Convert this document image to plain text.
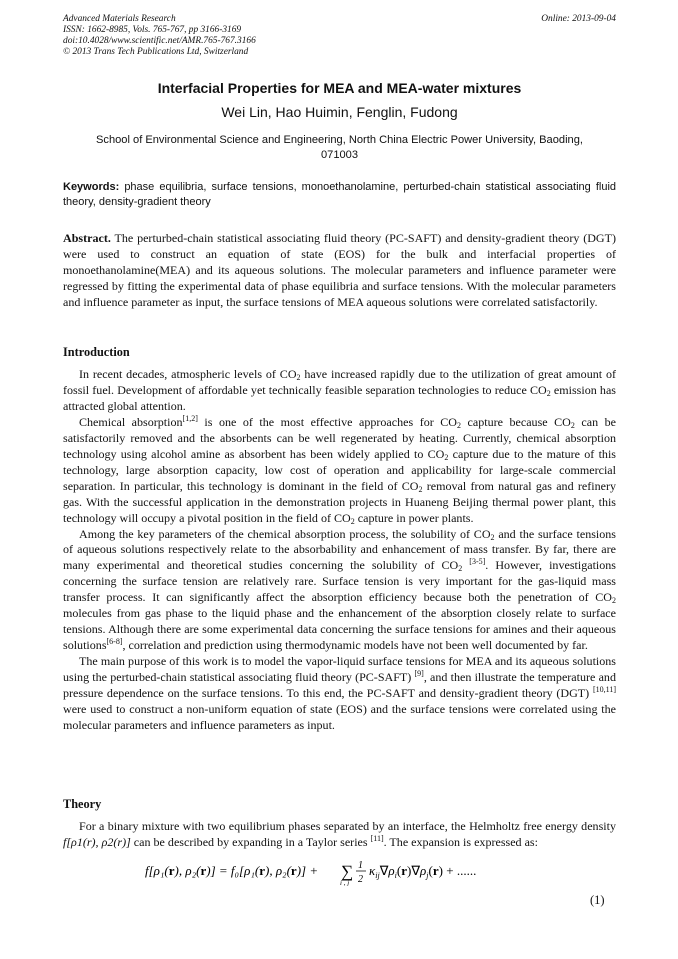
Advanced Materials Research
ISSN: 1662-8985, Vols. 765-767, pp 3166-3169
doi:10.4028/www.scientific.net/AMR.765-767.3166
© 2013 Trans Tech Publications Ltd, Switzerland
Online: 2013-09-04
Interfacial Properties for MEA and MEA-water mixtures
Wei Lin, Hao Huimin, Fenglin, Fudong
School of Environmental Science and Engineering, North China Electric Power University, Baoding,
071003
Keywords: phase equilibria, surface tensions, monoethanolamine, perturbed-chain statistical associating fluid theory, density-gradient theory
Abstract. The perturbed-chain statistical associating fluid theory (PC-SAFT) and density-gradient theory (DGT) were used to construct an equation of state (EOS) for the bulk and interfacial properties of monoethanolamine(MEA) and its aqueous solutions. The molecular parameters and influence parameter were regressed by fitting the experimental data of phase equilibria and surface tensions. With the molecular parameters and influence parameter as input, the surface tensions of MEA aqueous solutions were correlated satisfactorily.
Introduction

In recent decades, atmospheric levels of $CO_2$ have increased rapidly due to the utilization of great amount of fossil fuel. Development of affordable yet technically feasible separation technologies to reduce $CO_2$ emission has attracted global attention.

Chemical absorption[1,2] is one of the most effective approaches for $CO_2$ capture because $CO_2$ can be satisfactorily removed and the absorbents can be well regenerated by heating. Currently, chemical absorption technology using alcohol amine as absorbent has been widely applied to $CO_2$ capture due to the mature of this technology, large absorption capacity, low cost of operation and applicability for large-scale commercial separation. In particular, this technology is dominant in the field of $CO_2$ removal from natural gas and refinery gas. With the successful application in the demonstration projects in Huaneng Beijing thermal power plant, this technology will occupy a pivotal position in the field of $CO_2$ capture in power plants.

Among the key parameters of the chemical absorption process, the solubility of $CO_2$ and the surface tensions of aqueous solutions respectively relate to the absorbability and enhancement of mass transfer. By far, there are many experimental and theoretical studies concerning the solubility of $CO_2$ [3-5]. However, investigations concerning the surface tension are relatively rare. Surface tension is very important for the gas-liquid mass transfer process. It can significantly affect the absorption efficiency because both the penetration of $CO_2$ molecules from gas phase to the liquid phase and the enhancement of the absorption closely relate to surface tensions. Although there are some experimental data concerning the surface tensions for amines and their aqueous solutions[6-8], correlation and prediction using thermodynamic models have not been well documented by far.

The main purpose of this work is to model the vapor-liquid surface tensions for MEA and its aqueous solutions using the perturbed-chain statistical associating fluid theory (PC-SAFT) [9], and then illustrate the temperature and pressure dependence on the surface tensions. To this end, the PC-SAFT and density-gradient theory (DGT) [10,11] were used to construct a non-uniform equation of state (EOS) and the surface tensions were correlated using the molecular parameters and influence parameters as input.

Theory

For a binary mixture with two equilibrium phases separated by an interface, the Helmholtz free energy density f[ρ1(r), ρ2(r)] can be described by expanding in a Taylor series [11]. The expansion is expressed as:

f[ρ₁(r), ρ₂(r)] = f₀[ρ₁(r), ρ₂(r)] + ∑
i , j
1
2
$\kappa_{ij}\nabla\rho_i(r)\nabla\rho_j(r)$ + ......
(1)
